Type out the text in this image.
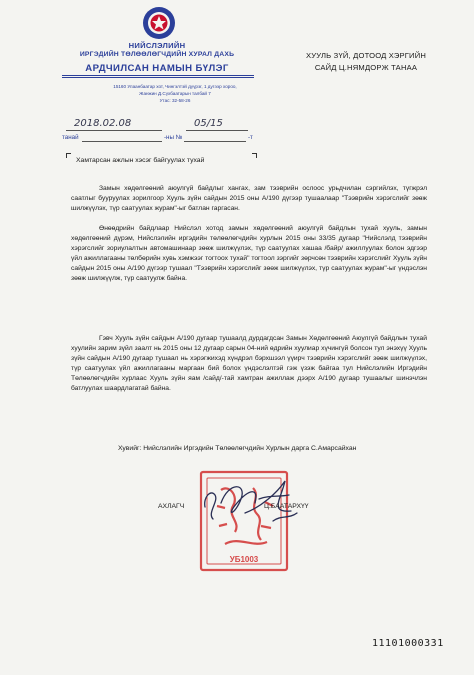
НИЙСЛЭЛИЙН
ИРГЭДИЙН ТӨЛӨӨЛӨГЧДИЙН ХУРАЛ ДАХЬ
АРДЧИЛСАН НАМЫН БҮЛЭГ
15160 Улаанбаатар хот, Чингэлтэй дүүрэг, 1 дүгээр хороо,
Жанжин Д.Сүхбаатарын талбай 7
Утас: 32-58-26
ХУУЛЬ ЗҮЙ, ДОТООД ХЭРГИЙН
САЙД Ц.НЯМДОРЖ ТАНАА
2018.02.08	05/15
танай	-ны №	-т
Хамтарсан ажлын хэсэг байгуулах тухай

Замын хөдөлгөөний аюулгүй байдлыг хангах, зам тээврийн ослоос урьдчилан сэргийлэх, түгжрэл саатлыг бууруулах зорилгоор Хууль зүйн сайдын 2015 оны А/190 дүгээр тушаалаар "Тээврийн хэрэгслийг зөөж шилжүүлэх, түр саатуулах журам"-ыг батлан гаргасан.

Өнөөдрийн байдлаар Нийслэл хотод замын хөдөлгөөний аюулгүй байдлын тухай хууль, замын хөдөлгөөний дүрэм, Нийслэлийн иргэдийн төлөөлөгчдийн хурлын 2015 оны 33/35 дугаар "Нийслэлд тээврийн хэрэгслийг зориулалтын автомашинаар зөөж шилжүүлэх, түр саатуулах хашаа /байр/ ажиллуулах болон эдгээр үйл ажиллагааны төлбөрийн хувь хэмжээг тогтоох тухай" тогтоол зэргийг зөрчсөн тээврийн хэрэгслийг Хууль зүйн сайдын 2015 оны А/190 дүгээр тушаал "Тээврийн хэрэгслийг зөөж шилжүүлэх, түр саатуулах журам"-ыг үндэслэн зөөж шилжүүлж, түр саатуулж байна.

Гэвч Хууль зүйн сайдын А/190 дугаар тушаалд дурдагдсан Замын Хөдөлгөөний Аюулгүй байдлын тухай хуулийн зарим зүйл заалт нь 2015 оны 12 дугаар сарын 04-ний өдрийн хуулиар хүчингүй болсон тул энэхүү Хууль зүйн сайдын А/190 дугаар тушаал нь хэрэгжихэд хүндрэл бэрхшээл үүирч тээврийн хэрэгслийг зөөж шилжүүлэх, түр саатуулах үйл ажиллагааны маргаан бий болох үндэслэлтэй гэж үзэж байгаа тул Нийслэлийн Иргэдийн Төлөөлөгчдийн хурлаас Хууль зүйн яам /сайд/-тай хамтран ажиллаж дээрх А/190 дугаар тушаалыг шинэчлэн батлуулах шаардлагатай байна.

Хувийг: Нийслэлийн Иргэдийн Төлөөлөгчдийн Хурлын дарга С.Амарсайхан
УБ1003
АХЛАГЧ	Ц.БААТАРХҮҮ
11101000331
